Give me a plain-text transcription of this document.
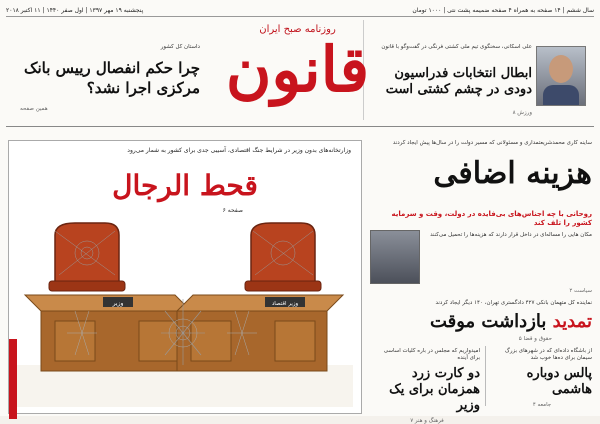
سال ششم | ۱۴ صفحه به همراه ۴ صفحه ضمیمه پشت نتی | ۱۰۰۰ تومان
پنجشنبه ۱۹ مهر ۱۳۹۷ | اول صفر ۱۴۴۰ | ۱۱ اکتبر ۲۰۱۸
علی اسکانی، سخنگوی تیم ملی کشتی فرنگی در گفت‌وگو با قانون
ابطال انتخابات فدراسیون دودی در چشم کشتی است
ورزش ۸
روزنامه صبح ایران
قانون
داستان کل کشور
چرا حکم انفصال رییس بانک مرکزی اجرا نشد؟
همین صفحه
ساینه کاری محمدشریعتمداری و مسئولانی که مسیر دولت را در سال‌ها پیش ایجاد کردند
هزینه اضافی
روحانی با چه اجناس‌های بی‌فایده در دولت، وقت و سرمایه کشور را تلف کند
مکان هایی را مساله‌ای در داخل قرار دارند که هزینه‌ها را تحمیل می‌کنند
سیاست ۲
نماینده کل متهمان بانکی ۴۲۷ دادگستری تهران، ۱۴۰ دیگر ایجاد کردند
تمدید بازداشت موقت
حقوق و قضا ۵
از باشگاه داده‌ای که در شهرهای بزرگ سیمان برای ده‌ها خوب شد
پالس دوباره هاشمی
جامعه ۴
امیدواریم که مجلس در باره کلیات اساسی برای آینده
دو کارت زرد همزمان برای یک وزیر
فرهنگ و هنر ۷
وزارتخانه‌های بدون وزیر در شرایط جنگ اقتصادی، آسیبی جدی برای کشور به شمار می‌رود
قحط الرجال
صفحه ۶
وزیر	وزیر اقتصاد
